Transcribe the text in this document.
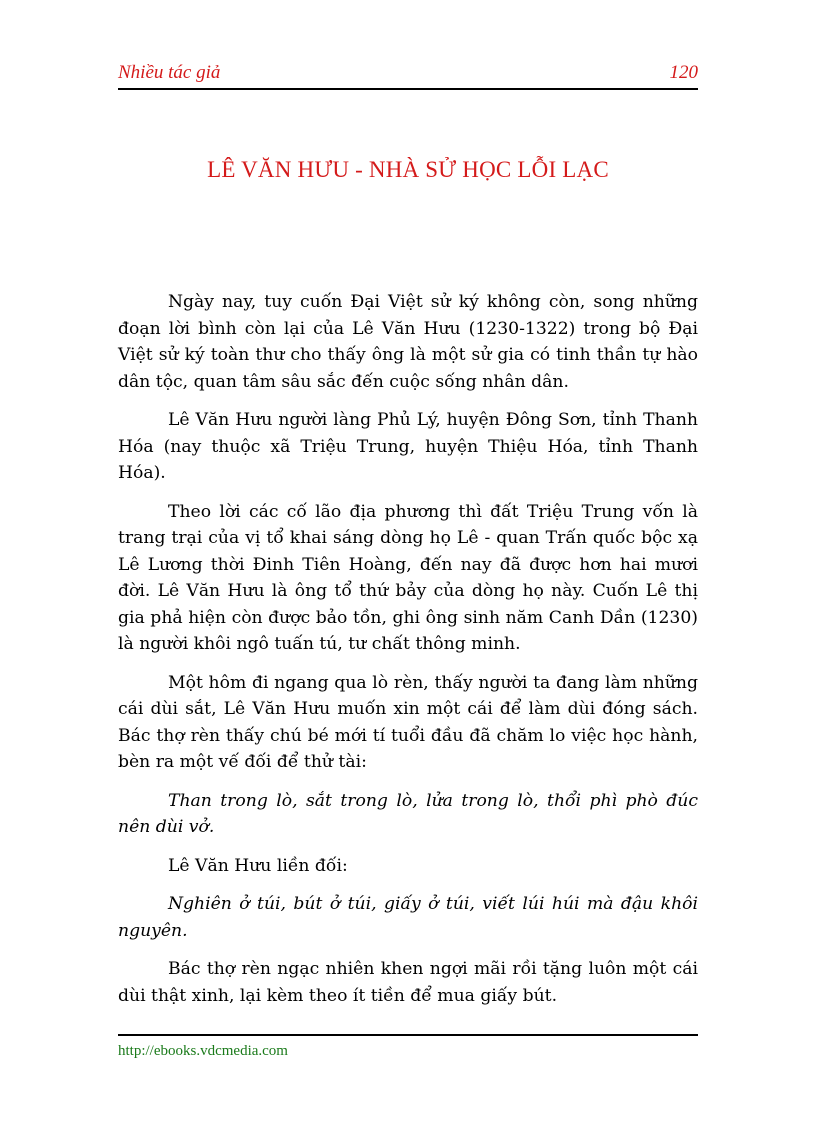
Nhiều tác giả	120
LÊ VĂN HƯU - NHÀ SỬ HỌC LỖI LẠC

Ngày nay, tuy cuốn Đại Việt sử ký không còn, song những đoạn lời bình còn lại của Lê Văn Hưu (1230-1322) trong bộ Đại Việt sử ký toàn thư cho thấy ông là một sử gia có tinh thần tự hào dân tộc, quan tâm sâu sắc đến cuộc sống nhân dân.

Lê Văn Hưu người làng Phủ Lý, huyện Đông Sơn, tỉnh Thanh Hóa (nay thuộc xã Triệu Trung, huyện Thiệu Hóa, tỉnh Thanh Hóa).

Theo lời các cố lão địa phương thì đất Triệu Trung vốn là trang trại của vị tổ khai sáng dòng họ Lê - quan Trấn quốc bộc xạ Lê Lương thời Đinh Tiên Hoàng, đến nay đã được hơn hai mươi đời. Lê Văn Hưu là ông tổ thứ bảy của dòng họ này. Cuốn Lê thị gia phả hiện còn được bảo tồn, ghi ông sinh năm Canh Dần (1230) là người khôi ngô tuấn tú, tư chất thông minh.

Một hôm đi ngang qua lò rèn, thấy người ta đang làm những cái dùi sắt, Lê Văn Hưu muốn xin một cái để làm dùi đóng sách. Bác thợ rèn thấy chú bé mới tí tuổi đầu đã chăm lo việc học hành, bèn ra một vế đối để thử tài:

Than trong lò, sắt trong lò, lửa trong lò, thổi phì phò đúc nên dùi vở.

Lê Văn Hưu liền đối:

Nghiên ở túi, bút ở túi, giấy ở túi, viết lúi húi mà đậu khôi nguyên.

Bác thợ rèn ngạc nhiên khen ngợi mãi rồi tặng luôn một cái dùi thật xinh, lại kèm theo ít tiền để mua giấy bút.

http://ebooks.vdcmedia.com
